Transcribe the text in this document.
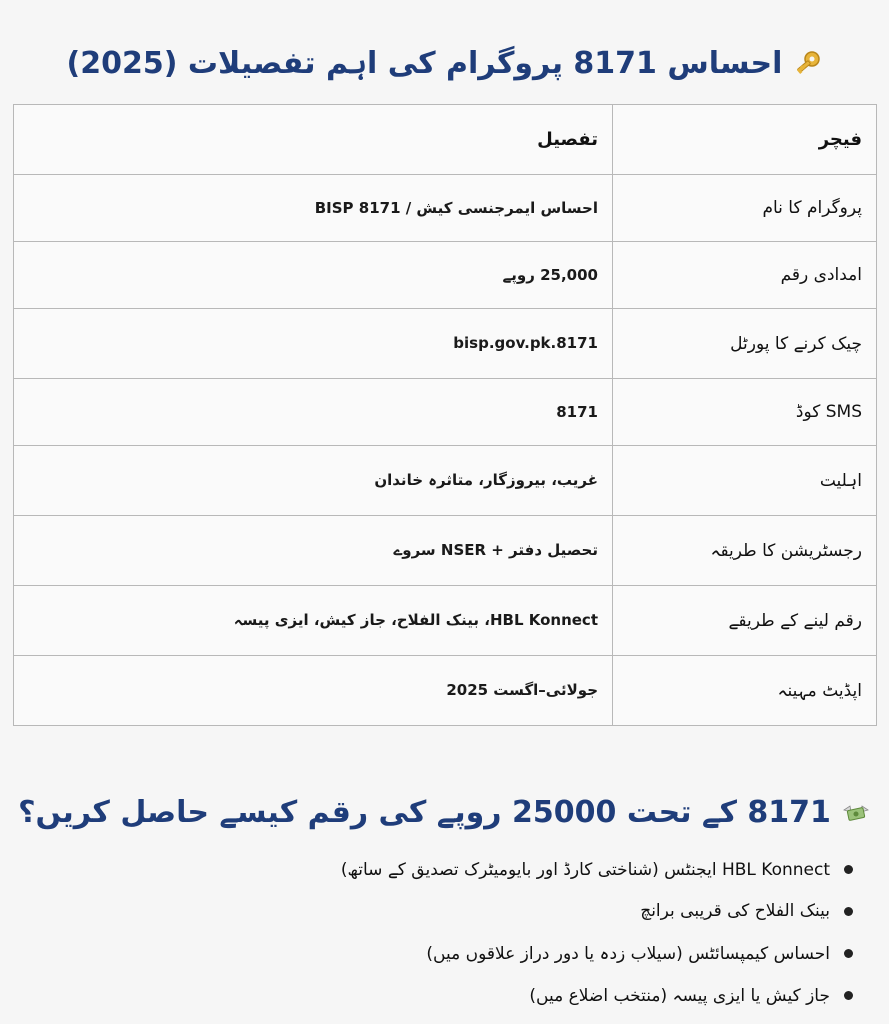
احساس 8171 پروگرام کی اہم تفصیلات (2025)
فیچر	تفصیل
پروگرام کا نام	احساس ایمرجنسی کیش / BISP 8171
امدادی رقم	25,000 روپے
چیک کرنے کا پورٹل	8171.bisp.gov.pk
SMS کوڈ	8171
اہلیت	غریب، بیروزگار، متاثرہ خاندان
رجسٹریشن کا طریقہ	تحصیل دفتر + NSER سروے
رقم لینے کے طریقے	HBL Konnect، بینک الفلاح، جاز کیش، ایزی پیسہ
اپڈیٹ مہینہ	جولائی–اگست 2025
8171 کے تحت 25000 روپے کی رقم کیسے حاصل کریں؟
HBL Konnect ایجنٹس (شناختی کارڈ اور بایومیٹرک تصدیق کے ساتھ)
بینک الفلاح کی قریبی برانچ
احساس کیمپسائٹس (سیلاب زدہ یا دور دراز علاقوں میں)
جاز کیش یا ایزی پیسہ (منتخب اضلاع میں)
